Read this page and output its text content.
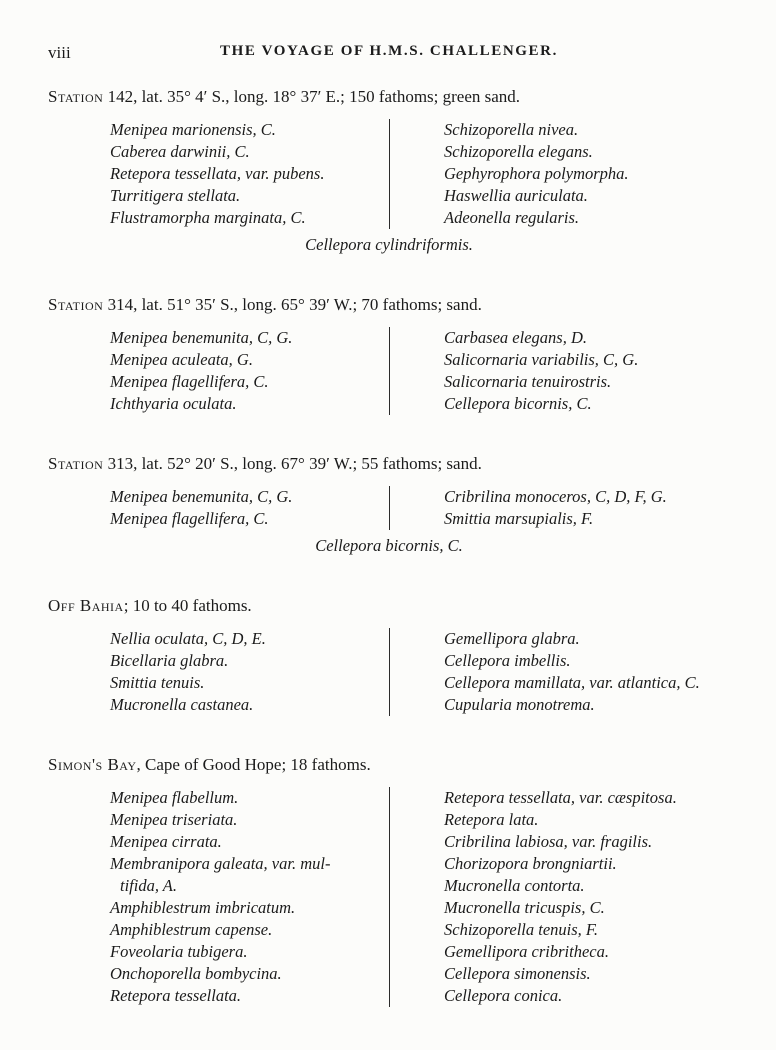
viii	THE VOYAGE OF H.M.S. CHALLENGER.
Station 142, lat. 35° 4′ S., long. 18° 37′ E.; 150 fathoms; green sand.
Menipea marionensis, C.
Caberea darwinii, C.
Retepora tessellata, var. pubens.
Turritigera stellata.
Flustramorpha marginata, C.
Schizoporella nivea.
Schizoporella elegans.
Gephyrophora polymorpha.
Haswellia auriculata.
Adeonella regularis.
Cellepora cylindriformis.
Station 314, lat. 51° 35′ S., long. 65° 39′ W.; 70 fathoms; sand.
Menipea benemunita, C, G.
Menipea aculeata, G.
Menipea flagellifera, C.
Ichthyaria oculata.
Carbasea elegans, D.
Salicornaria variabilis, C, G.
Salicornaria tenuirostris.
Cellepora bicornis, C.
Station 313, lat. 52° 20′ S., long. 67° 39′ W.; 55 fathoms; sand.
Menipea benemunita, C, G.
Menipea flagellifera, C.
Cribrilina monoceros, C, D, F, G.
Smittia marsupialis, F.
Cellepora bicornis, C.
Off Bahia; 10 to 40 fathoms.
Nellia oculata, C, D, E.
Bicellaria glabra.
Smittia tenuis.
Mucronella castanea.
Gemellipora glabra.
Cellepora imbellis.
Cellepora mamillata, var. atlantica, C.
Cupularia monotrema.
Simon's Bay, Cape of Good Hope; 18 fathoms.
Menipea flabellum.
Menipea triseriata.
Menipea cirrata.
Membranipora galeata, var. mul-
tifida, A.
Amphiblestrum imbricatum.
Amphiblestrum capense.
Foveolaria tubigera.
Onchoporella bombycina.
Retepora tessellata.
Retepora tessellata, var. cæspitosa.
Retepora lata.
Cribrilina labiosa, var. fragilis.
Chorizopora brongniartii.
Mucronella contorta.
Mucronella tricuspis, C.
Schizoporella tenuis, F.
Gemellipora cribritheca.
Cellepora simonensis.
Cellepora conica.
